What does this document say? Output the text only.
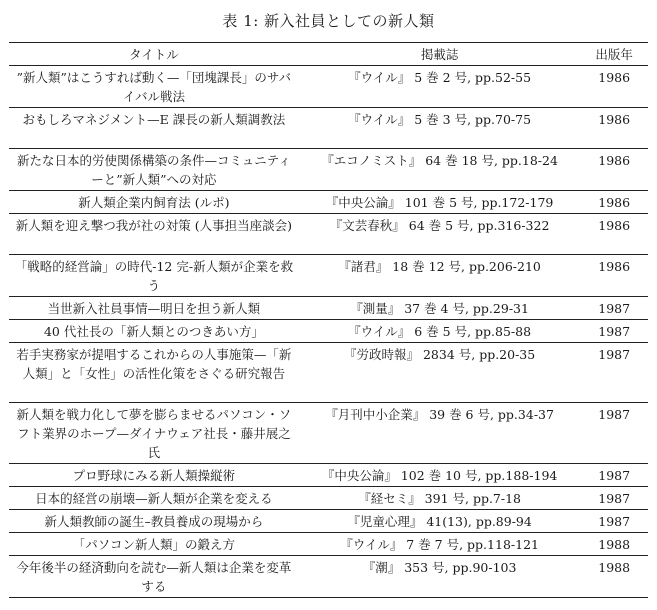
表 1: 新入社員としての新人類
タイトル	掲載誌	出版年
”新人類”はこうすれば動く—「団塊課長」のサバイバル戦法	『ウイル』 5 巻 2 号, pp.52-55	1986
おもしろマネジメント—E 課長の新人類調教法	『ウイル』 5 巻 3 号, pp.70-75	1986
新たな日本的労使関係構築の条件—コミュニティーと”新人類”への対応	『エコノミスト』 64 巻 18 号, pp.18-24	1986
新人類企業内飼育法 (ルポ)	『中央公論』 101 巻 5 号, pp.172-179	1986
新人類を迎え撃つ我が社の対策 (人事担当座談会)	『文芸春秋』 64 巻 5 号, pp.316-322	1986
「戦略的経営論」の時代-12 完-新人類が企業を救う	『諸君』 18 巻 12 号, pp.206-210	1986
当世新入社員事情—明日を担う新人類	『測量』 37 巻 4 号, pp.29-31	1987
40 代社長の「新人類とのつきあい方」	『ウイル』 6 巻 5 号, pp.85-88	1987
若手実務家が提唱するこれからの人事施策—「新人類」と「女性」の活性化策をさぐる研究報告	『労政時報』 2834 号, pp.20-35	1987
新人類を戦力化して夢を膨らませるパソコン・ソフト業界のホープ—ダイナウェア社長・藤井展之氏	『月刊中小企業』 39 巻 6 号, pp.34-37	1987
プロ野球にみる新人類操縦術	『中央公論』 102 巻 10 号, pp.188-194	1987
日本的経営の崩壊—新人類が企業を変える	『経セミ』 391 号, pp.7-18	1987
新人類教師の誕生–教員養成の現場から	『児童心理』 41(13), pp.89-94	1987
「パソコン新人類」の鍛え方	『ウイル』 7 巻 7 号, pp.118-121	1988
今年後半の経済動向を読む—新人類は企業を変革する	『潮』 353 号, pp.90-103	1988
